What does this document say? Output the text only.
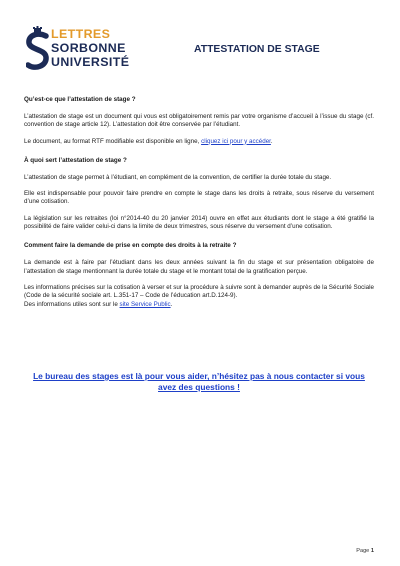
LETTRES
SORBONNE
UNIVERSITÉ
ATTESTATION DE STAGE

Qu’est-ce que l’attestation de stage ?

L’attestation de stage est un document qui vous est obligatoirement remis par votre organisme d’accueil à l’issue du stage (cf. convention de stage article 12). L’attestation doit être conservée par l’étudiant.

Le document, au format RTF modifiable est disponible en ligne, cliquez ici pour y accéder.

À quoi sert l’attestation de stage ?

L’attestation de stage permet à l’étudiant, en complément de la convention, de certifier la durée totale du stage.

Elle est indispensable pour pouvoir faire prendre en compte le stage dans les droits à retraite, sous réserve du versement d’une cotisation.

La législation sur les retraites (loi n°2014-40 du 20 janvier 2014) ouvre en effet aux étudiants dont le stage a été gratifié la possibilité de faire valider celui-ci dans la limite de deux trimestres, sous réserve du versement d’une cotisation.

Comment faire la demande de prise en compte des droits à la retraite ?

La demande est à faire par l’étudiant dans les deux années suivant la fin du stage et sur présentation obligatoire de l’attestation de stage mentionnant la durée totale du stage et le montant total de la gratification perçue.

Les informations précises sur la cotisation à verser et sur la procédure à suivre sont à demander auprès de la Sécurité Sociale (Code de la sécurité sociale art. L.351-17 – Code de l’éducation art.D.124-9).

Des informations utiles sont sur le site Service Public.

Le bureau des stages est là pour vous aider, n’hésitez pas à nous contacter si vous avez des questions !
Page 1
